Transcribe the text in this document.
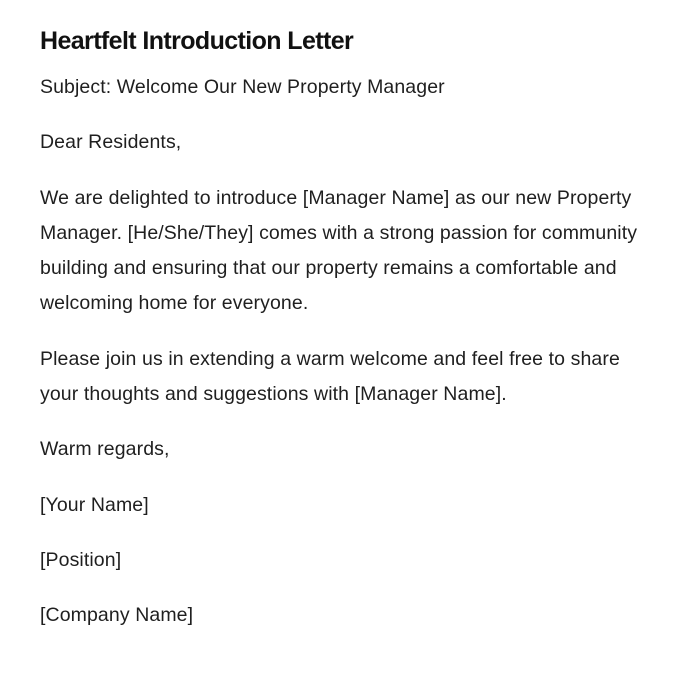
Heartfelt Introduction Letter

Subject: Welcome Our New Property Manager

Dear Residents,

We are delighted to introduce [Manager Name] as our new Property Manager. [He/She/They] comes with a strong passion for community building and ensuring that our property remains a comfortable and welcoming home for everyone.

Please join us in extending a warm welcome and feel free to share your thoughts and suggestions with [Manager Name].

Warm regards,

[Your Name]

[Position]

[Company Name]
